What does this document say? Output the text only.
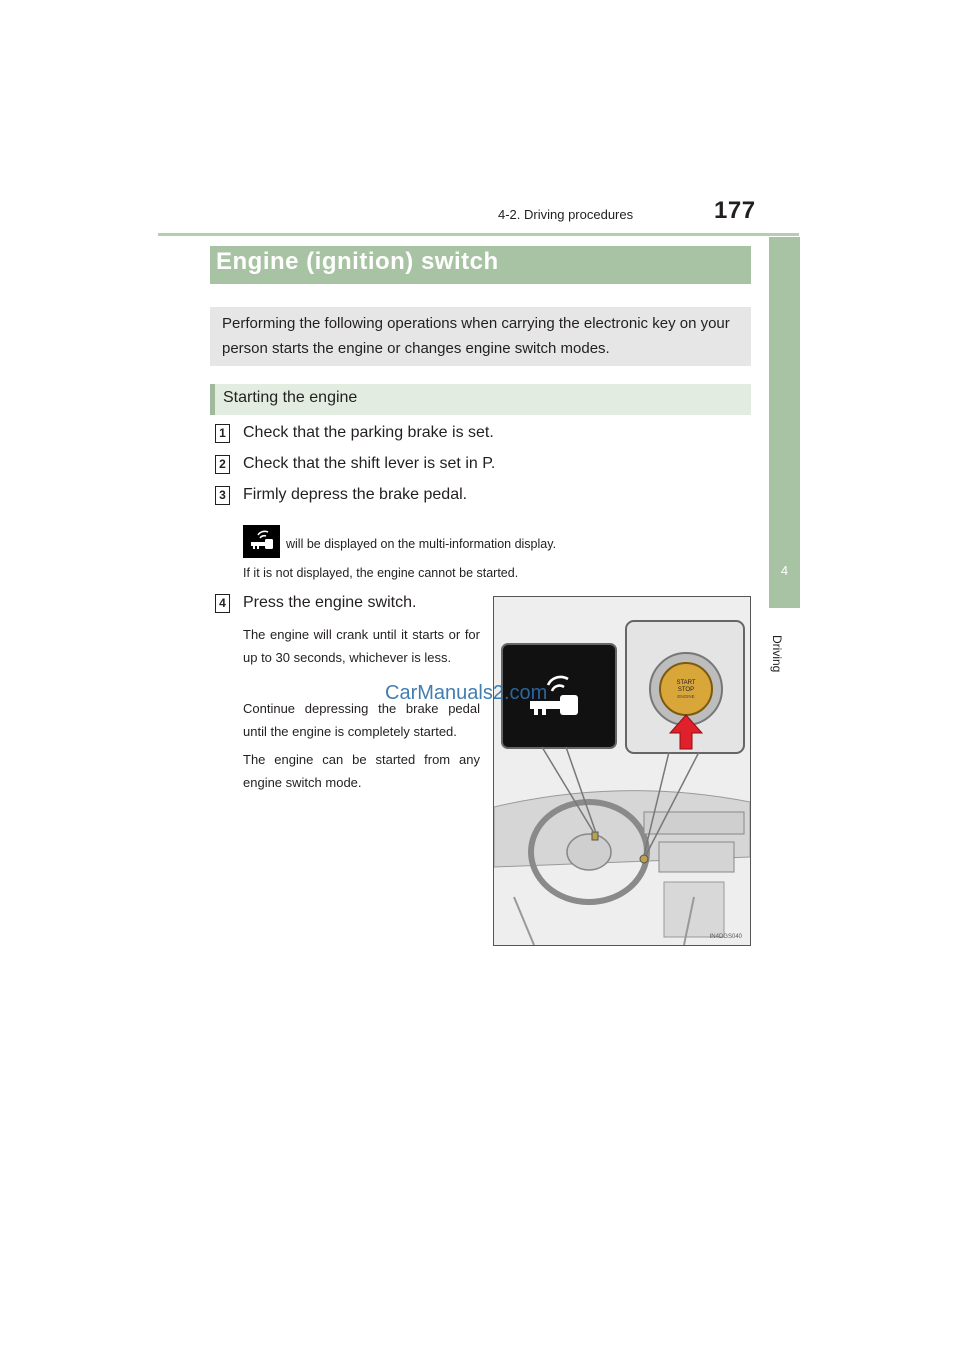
4-2. Driving procedures	177
4
Driving
Engine (ignition) switch
Performing the following operations when carrying the electronic key on your person starts the engine or changes engine switch modes.
Starting the engine
1 Check that the parking brake is set.
2 Check that the shift lever is set in P.
3 Firmly depress the brake pedal.
will be displayed on the multi-information display.
If it is not displayed, the engine cannot be started.
4 Press the engine switch.
The engine will crank until it starts or for up to 30 seconds, whichever is less.
Continue depressing the brake pedal until the engine is completely started.
The engine can be started from any engine switch mode.
START
STOP
ENGINE
IN4DGS040
CarManuals2.com
